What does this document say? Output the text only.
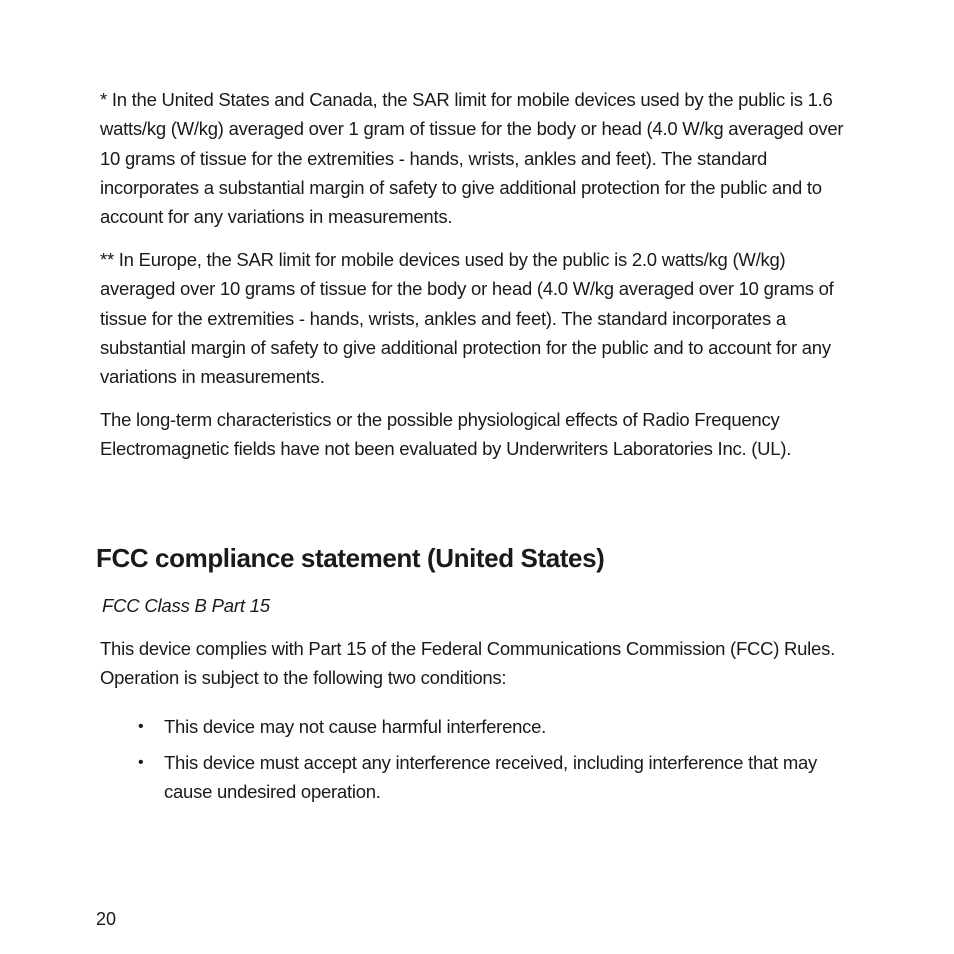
* In the United States and Canada, the SAR limit for mobile devices used by the public is 1.6 watts/kg (W/kg) averaged over 1 gram of tissue for the body or head (4.0 W/kg averaged over 10 grams of tissue for the extremities - hands, wrists, ankles and feet). The standard incorporates a substantial margin of safety to give additional protection for the public and to account for any variations in measurements.

** In Europe, the SAR limit for mobile devices used by the public is 2.0 watts/kg (W/kg) averaged over 10 grams of tissue for the body or head (4.0 W/kg averaged over 10 grams of tissue for the extremities - hands, wrists, ankles and feet). The standard incorporates a substantial margin of safety to give additional protection for the public and to account for any variations in measurements.

The long-term characteristics or the possible physiological effects of Radio Frequency Electromagnetic fields have not been evaluated by Underwriters Laboratories Inc. (UL).

FCC compliance statement (United States)

FCC Class B Part 15

This device complies with Part 15 of the Federal Communications Commission (FCC) Rules. Operation is subject to the following two conditions:

• This device may not cause harmful interference.
• This device must accept any interference received, including interference that may cause undesired operation.

20
